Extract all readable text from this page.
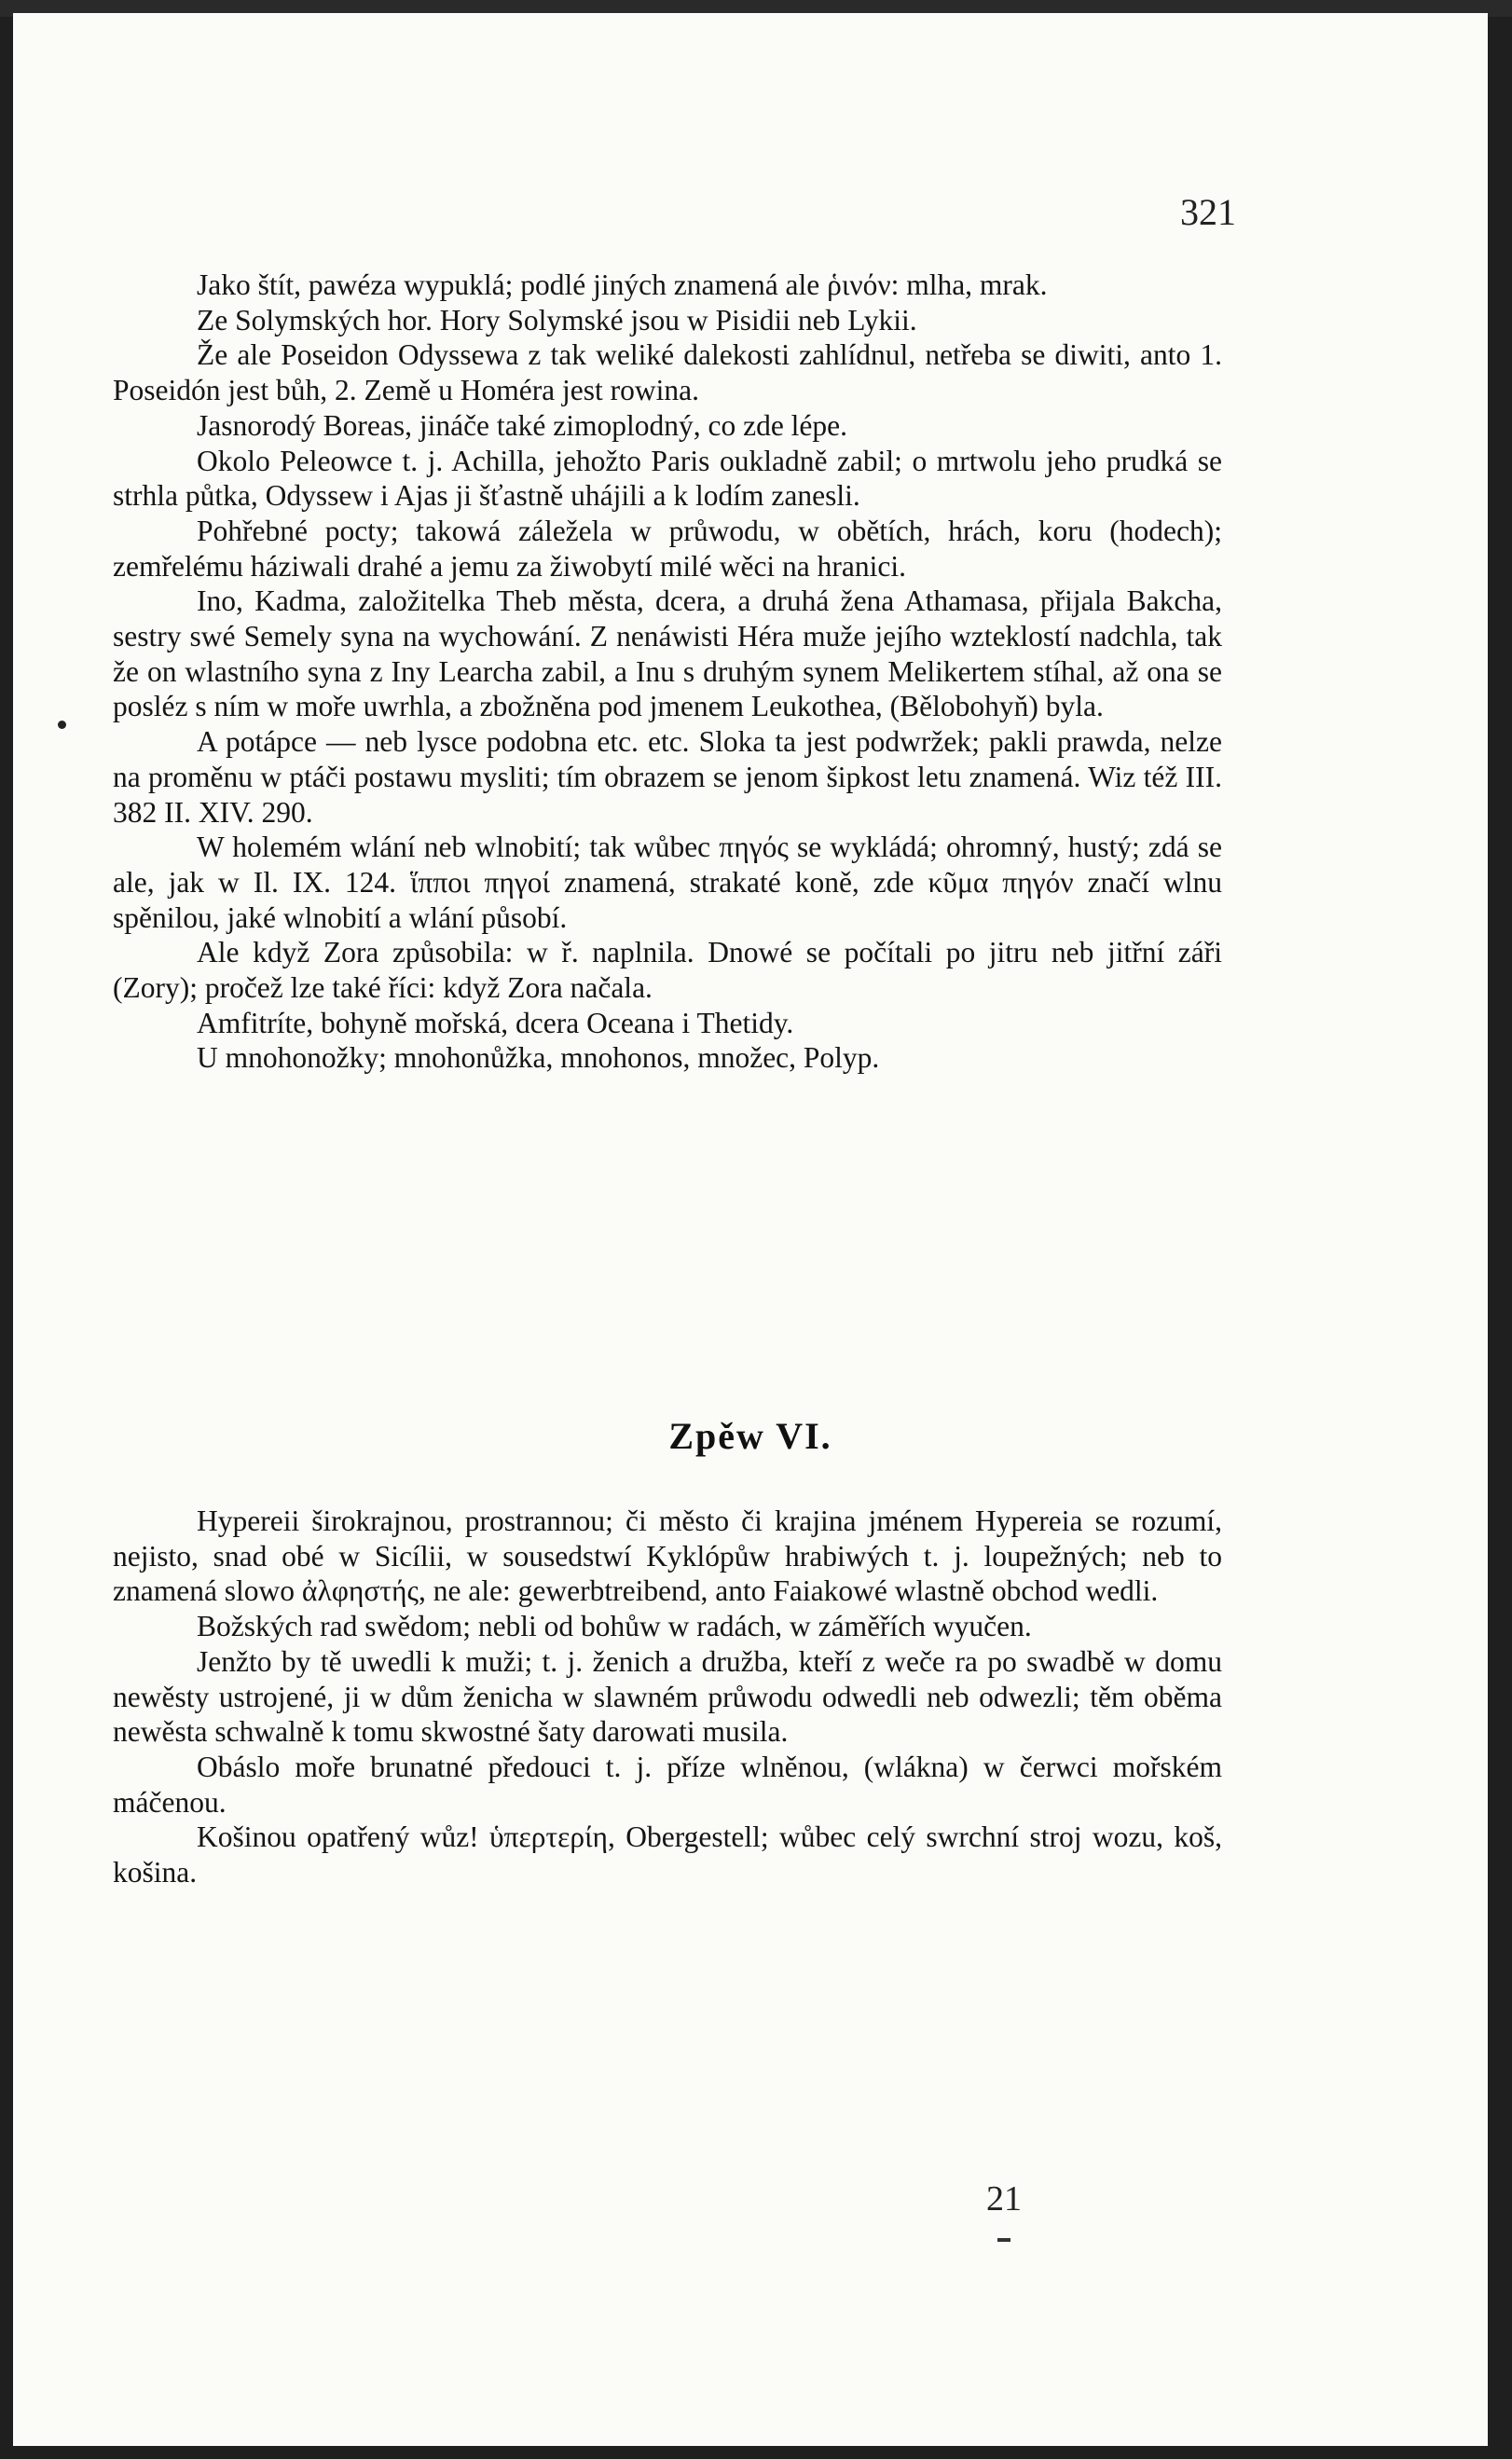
321

Jako štít, pawéza wypuklá; podlé jiných znamená ale ῥινόν: mlha, mrak.

Ze Solymských hor. Hory Solymské jsou w Pisidii neb Lykii.

Že ale Poseidon Odyssewa z tak weliké dalekosti zahlídnul, netřeba se diwiti, anto 1. Poseidón jest bůh, 2. Země u Homéra jest rowina.

Jasnorodý Boreas, jináče také zimoplodný, co zde lépe.

Okolo Peleowce t. j. Achilla, jehožto Paris oukladně zabil; o mrtwolu jeho prudká se strhla půtka, Odyssew i Ajas ji šťastně uhájili a k lodím zanesli.

Pohřebné pocty; takowá záležela w průwodu, w obětích, hrách, koru (hodech); zemřelému háziwali drahé a jemu za žiwobytí milé wěci na hranici.

Ino, Kadma, založitelka Theb města, dcera, a druhá žena Athamasa, přijala Bakcha, sestry swé Semely syna na wychowání. Z nenáwisti Héra muže jejího wzteklostí nadchla, tak že on wlastního syna z Iny Learcha zabil, a Inu s druhým synem Melikertem stíhal, až ona se posléz s ním w moře uwrhla, a zbožněna pod jmenem Leukothea, (Bělobohyň) byla.

A potápce — neb lysce podobna etc. etc. Sloka ta jest podwržek; pakli prawda, nelze na proměnu w ptáči postawu mysliti; tím obrazem se jenom šipkost letu znamená. Wiz též III. 382 II. XIV. 290.

W holemém wlání neb wlnobití; tak wůbec πηγός se wykládá; ohromný, hustý; zdá se ale, jak w Il. IX. 124. ἵπποι πηγοί znamená, strakaté koně, zde κῦμα πηγόν značí wlnu spěnilou, jaké wlnobití a wlání působí.

Ale když Zora způsobila: w ř. naplnila. Dnowé se počítali po jitru neb jitřní záři (Zory); pročež lze také říci: když Zora načala.

Amfitríte, bohyně mořská, dcera Oceana i Thetidy.

U mnohonožky; mnohonůžka, mnohonos, množec, Polyp.

Zpěw VI.

Hypereii širokrajnou, prostrannou; či město či krajina jménem Hypereia se rozumí, nejisto, snad obé w Sicílii, w sousedstwí Kyklópůw hrabiwých t. j. loupežných; neb to znamená slowo ἀλφηστής, ne ale: gewerbtreibend, anto Faiakowé wlastně obchod wedli.

Božských rad swědom; nebli od bohůw w radách, w záměřích wyučen.

Jenžto by tě uwedli k muži; t. j. ženich a družba, kteří z weče ra po swadbě w domu newěsty ustrojené, ji w dům ženicha w slawném průwodu odwedli neb odwezli; těm oběma newěsta schwalně k tomu skwostné šaty darowati musila.

Obáslo moře brunatné předouci t. j. příze wlněnou, (wlákna) w čerwci mořském máčenou.

Košinou opatřený wůz! ὑπερτερίη, Obergestell; wůbec celý swrchní stroj wozu, koš, košina.

21
